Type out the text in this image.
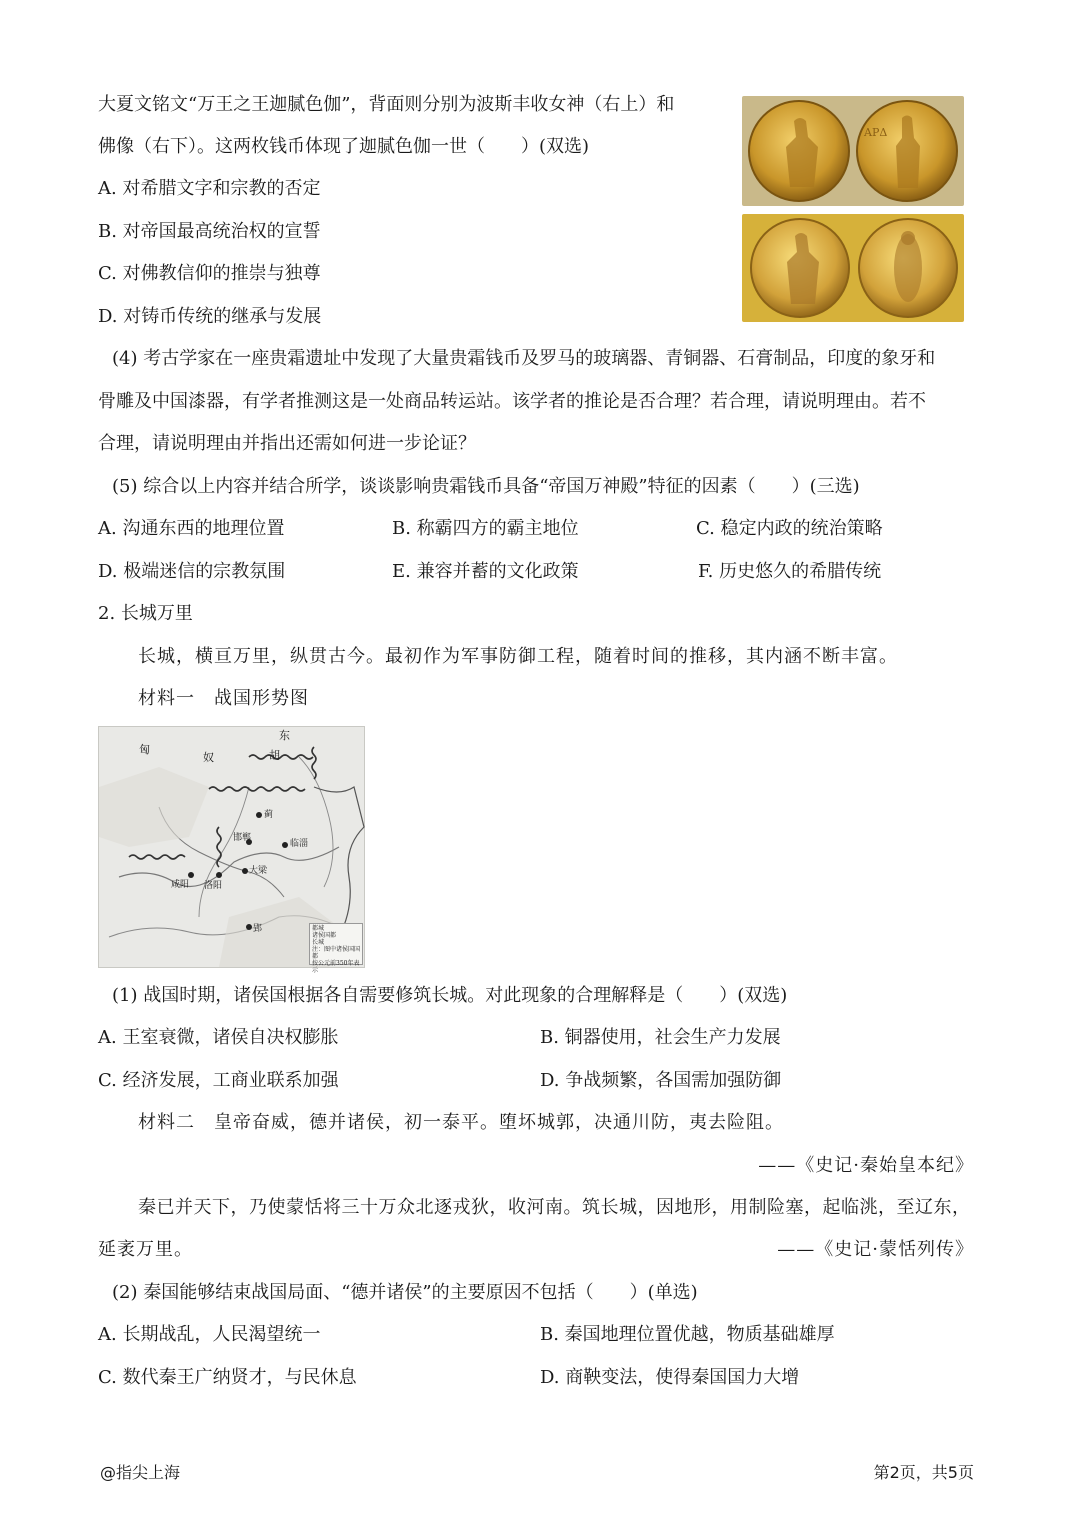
大夏文铭文“万王之王迦腻色伽”，背面则分别为波斯丰收女神（右上）和
佛像（右下）。这两枚钱币体现了迦腻色伽一世（　　）(双选)
A. 对希腊文字和宗教的否定
B. 对帝国最高统治权的宣誓
C. 对佛教信仰的推崇与独尊
D. 对铸币传统的继承与发展
ΑΡΔ
(4) 考古学家在一座贵霜遗址中发现了大量贵霜钱币及罗马的玻璃器、青铜器、石膏制品，印度的象牙和
骨雕及中国漆器，有学者推测这是一处商品转运站。该学者的推论是否合理？若合理，请说明理由。若不
合理，请说明理由并指出还需如何进一步论证？
(5) 综合以上内容并结合所学，谈谈影响贵霜钱币具备“帝国万神殿”特征的因素（　　）(三选)
A. 沟通东西的地理位置	B. 称霸四方的霸主地位	C. 稳定内政的统治策略
D. 极端迷信的宗教氛围	E. 兼容并蓄的文化政策	F. 历史悠久的希腊传统
2. 长城万里
长城，横亘万里，纵贯古今。最初作为军事防御工程，随着时间的推移，其内涵不断丰富。
材料一　战国形势图
东
匈
奴	胡
蓟
邯郸
临淄
咸阳 洛阳
大梁
郢	都城
诸侯国都
长城
注：图中诸侯国国都
按公元前350年表示
(1) 战国时期，诸侯国根据各自需要修筑长城。对此现象的合理解释是（　　）(双选)
A. 王室衰微，诸侯自决权膨胀	B. 铜器使用，社会生产力发展
C. 经济发展，工商业联系加强	D. 争战频繁，各国需加强防御
材料二　皇帝奋威，德并诸侯，初一泰平。堕坏城郭，决通川防，夷去险阻。
——《史记·秦始皇本纪》
秦已并天下，乃使蒙恬将三十万众北逐戎狄，收河南。筑长城，因地形，用制险塞，起临洮，至辽东，
延袤万里。	——《史记·蒙恬列传》
(2) 秦国能够结束战国局面、“德并诸侯”的主要原因不包括（　　）(单选)
A. 长期战乱，人民渴望统一	B. 秦国地理位置优越，物质基础雄厚
C. 数代秦王广纳贤才，与民休息	D. 商鞅变法，使得秦国国力大增
@指尖上海	第2页，共5页
